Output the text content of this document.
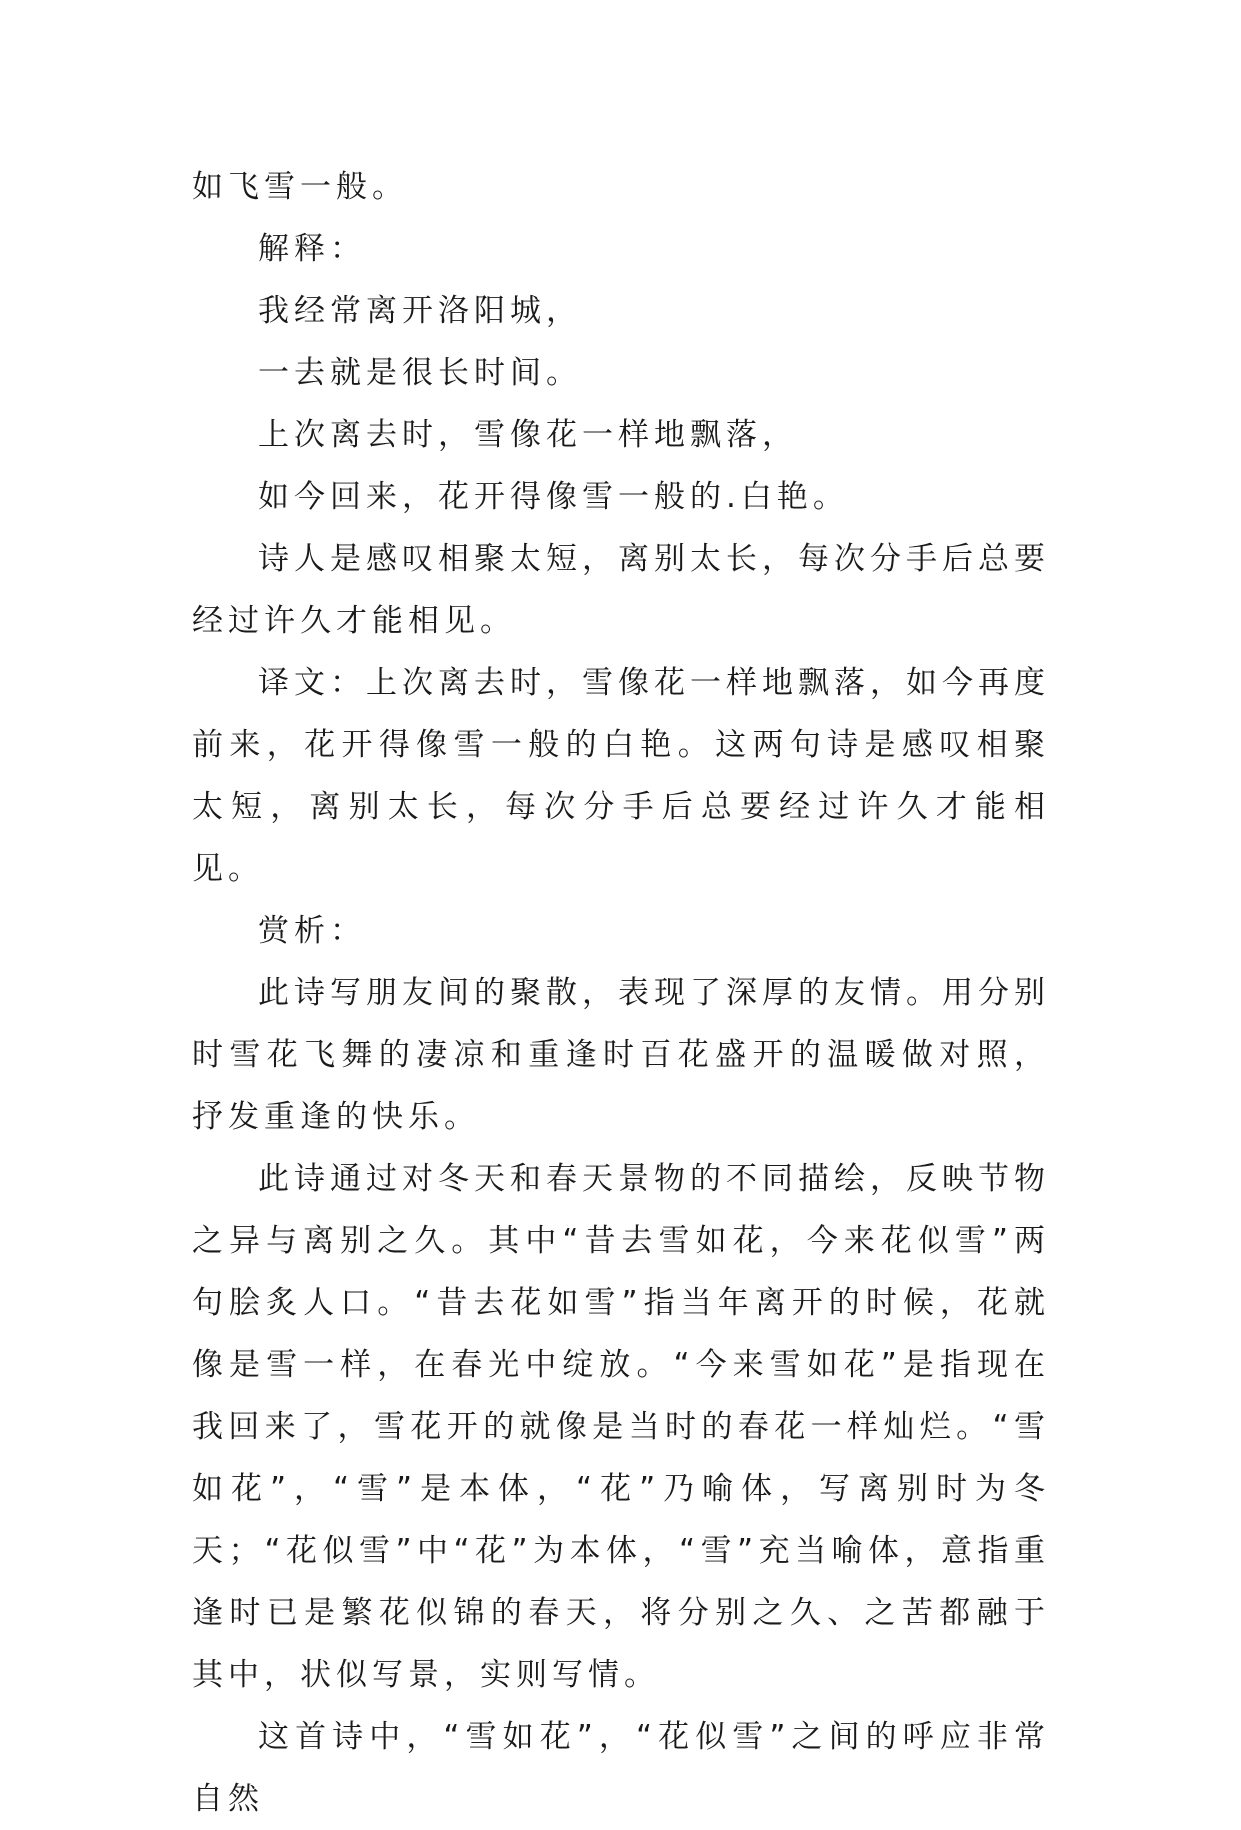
如飞雪一般。

解释：

我经常离开洛阳城，

一去就是很长时间。

上次离去时，雪像花一样地飘落，

如今回来，花开得像雪一般的.白艳。

诗人是感叹相聚太短，离别太长，每次分手后总要经过许久才能相见。

译文：上次离去时，雪像花一样地飘落，如今再度前来，花开得像雪一般的白艳。这两句诗是感叹相聚太短，离别太长，每次分手后总要经过许久才能相见。

赏析：

此诗写朋友间的聚散，表现了深厚的友情。用分别时雪花飞舞的凄凉和重逢时百花盛开的温暖做对照，抒发重逢的快乐。

此诗通过对冬天和春天景物的不同描绘，反映节物之异与离别之久。其中“昔去雪如花，今来花似雪”两句脍炙人口。“昔去花如雪”指当年离开的时候，花就像是雪一样，在春光中绽放。“今来雪如花”是指现在我回来了，雪花开的就像是当时的春花一样灿烂。“雪如花”，“雪”是本体，“花”乃喻体，写离别时为冬天；“花似雪”中“花”为本体，“雪”充当喻体，意指重逢时已是繁花似锦的春天，将分别之久、之苦都融于其中，状似写景，实则写情。

这首诗中，“雪如花”，“花似雪”之间的呼应非常自然
